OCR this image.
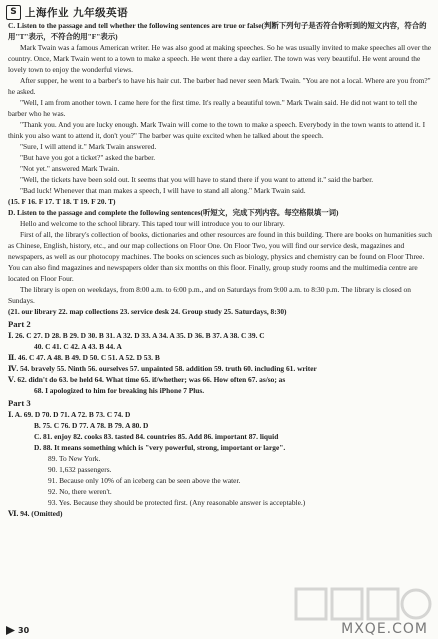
S 上海作业 九年级英语

C. Listen to the passage and tell whether the following sentences are true or false(判断下列句子是否符合你听到的短文内容，符合的用"T"表示，不符合的用"F"表示)

Mark Twain was a famous American writer. He was also good at making speeches. So he was usually invited to make speeches all over the country. Once, Mark Twain went to a town to make a speech. He went there a day earlier. The town was very beautiful. He went around the lovely town to enjoy the wonderful views.

After supper, he went to a barber's to have his hair cut. The barber had never seen Mark Twain. "You are not a local. Where are you from?" he asked.

"Well, I am from another town. I came here for the first time. It's really a beautiful town." Mark Twain said. He did not want to tell the barber who he was.

"Thank you. And you are lucky enough. Mark Twain will come to the town to make a speech. Everybody in the town wants to attend it. I think you also want to attend it, don't you?" The barber was quite excited when he talked about the speech.

"Sure, I will attend it." Mark Twain answered.

"But have you got a ticket?" asked the barber.

"Not yet." answered Mark Twain.

"Well, the tickets have been sold out. It seems that you will have to stand there if you want to attend it." said the barber.

"Bad luck! Whenever that man makes a speech, I will have to stand all along." Mark Twain said.

(15. F 16. F 17. T 18. T 19. F 20. T)

D. Listen to the passage and complete the following sentences(听短文，完成下列内容。每空格限填一词)

Hello and welcome to the school library. This taped tour will introduce you to our library.

First of all, the library's collection of books, dictionaries and other resources are found in this building. There are books on humanities such as Chinese, English, history, etc., and our map collections on Floor One. On Floor Two, you will find our service desk, magazines and newspapers, as well as our photocopy machines. The books on sciences such as biology, physics and chemistry can be found on Floor Three. You can also find magazines and newspapers older than six months on this floor. Finally, group study rooms and the multimedia centre are located on Floor Four.

The library is open on weekdays, from 8:00 a.m. to 6:00 p.m., and on Saturdays from 9:00 a.m. to 8:30 p.m. The library is closed on Sundays.

(21. our library 22. map collections 23. service desk 24. Group study 25. Saturdays, 8:30)

Part 2

Ⅰ. 26. C 27. D 28. B 29. D 30. B 31. A 32. D 33. A 34. A 35. D 36. B 37. A 38. C 39. C

40. C 41. C 42. A 43. B 44. A

Ⅱ. 46. C 47. A 48. B 49. D 50. C 51. A 52. D 53. B

Ⅳ. 54. bravely 55. Ninth 56. ourselves 57. unpainted 58. addition 59. truth 60. including 61. writer

Ⅴ. 62. didn't do 63. be held 64. What time 65. if/whether; was 66. How often 67. as/so; as

68. I apologized to him for breaking his iPhone 7 Plus.

Part 3

Ⅰ. A. 69. D 70. D 71. A 72. B 73. C 74. D

B. 75. C 76. D 77. A 78. B 79. A 80. D

C. 81. enjoy 82. cooks 83. tasted 84. countries 85. Add 86. important 87. liquid

D. 88. It means something which is "very powerful, strong, important or large".

89. To New York.

90. 1,632 passengers.

91. Because only 10% of an iceberg can be seen above the water.

92. No, there weren't.

93. Yes. Because they should be protected first. (Any reasonable answer is acceptable.)

Ⅵ. 94. (Omitted)

MXQE.COM
30
